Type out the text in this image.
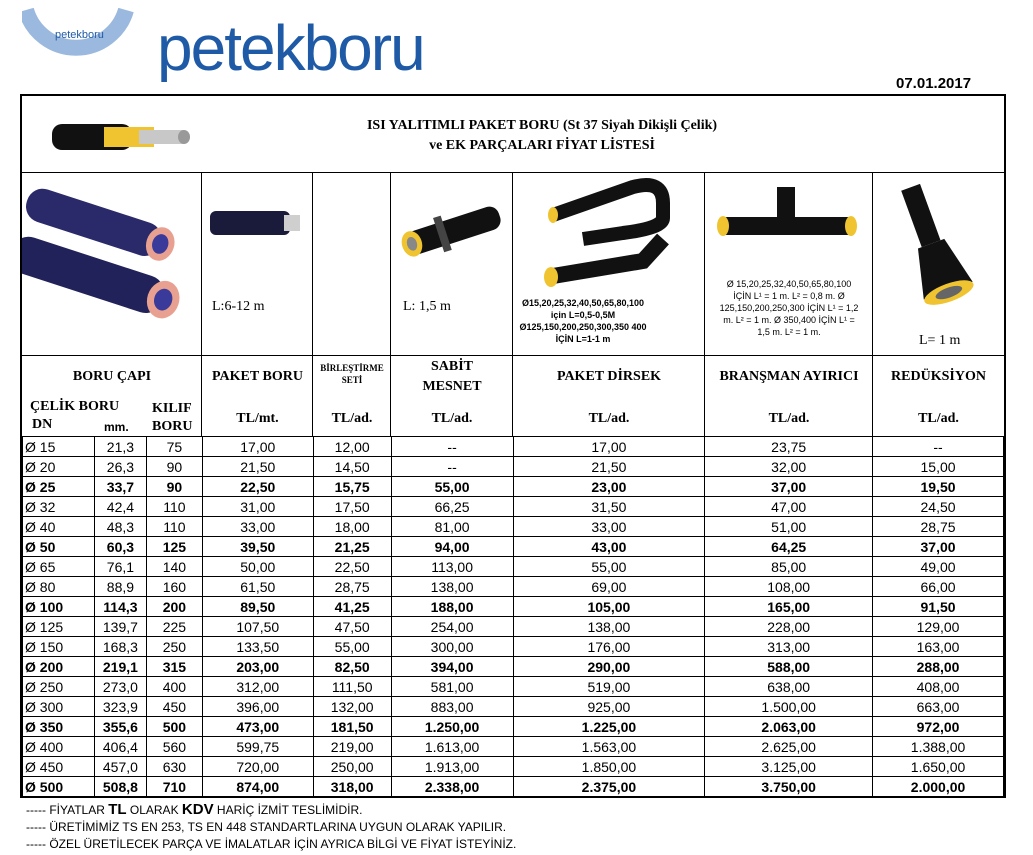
petekboru petekboru	07.01.2017
ISI YALITIMLI PAKET BORU (St 37 Siyah Dikişli Çelik)
ve EK PARÇALARI FİYAT LİSTESİ
L:6-12 m	L: 1,5 m	Ø15,20,25,32,40,50,65,80,100
için L=0,5-0,5M
Ø125,150,200,250,300,350 400
İÇİN L=1-1 m
Ø 15,20,25,32,40,50,65,80,100
İÇİN L¹ = 1 m. L² = 0,8 m. Ø
125,150,200,250,300 İÇİN L¹ = 1,2
m. L² = 1 m. Ø 350,400 İÇİN L¹ =
1,5 m. L² = 1 m.
L= 1 m
BORU ÇAPI
ÇELİK BORU
DN	mm.
KILIF
BORU
PAKET BORU
TL/mt.
BİRLEŞTİRME
SETİ
TL/ad.
SABİT
MESNET
TL/ad.
PAKET DİRSEK
TL/ad.
BRANŞMAN AYIRICI
TL/ad.
REDÜKSİYON
TL/ad.
Ø 15	21,3	75	17,00	12,00	--	17,00	23,75	--
Ø 20	26,3	90	21,50	14,50	--	21,50	32,00	15,00
Ø 25	33,7	90	22,50	15,75	55,00	23,00	37,00	19,50
Ø 32	42,4	110	31,00	17,50	66,25	31,50	47,00	24,50
Ø 40	48,3	110	33,00	18,00	81,00	33,00	51,00	28,75
Ø 50	60,3	125	39,50	21,25	94,00	43,00	64,25	37,00
Ø 65	76,1	140	50,00	22,50	113,00	55,00	85,00	49,00
Ø 80	88,9	160	61,50	28,75	138,00	69,00	108,00	66,00
Ø 100	114,3	200	89,50	41,25	188,00	105,00	165,00	91,50
Ø 125	139,7	225	107,50	47,50	254,00	138,00	228,00	129,00
Ø 150	168,3	250	133,50	55,00	300,00	176,00	313,00	163,00
Ø 200	219,1	315	203,00	82,50	394,00	290,00	588,00	288,00
Ø 250	273,0	400	312,00	111,50	581,00	519,00	638,00	408,00
Ø 300	323,9	450	396,00	132,00	883,00	925,00	1.500,00	663,00
Ø 350	355,6	500	473,00	181,50	1.250,00	1.225,00	2.063,00	972,00
Ø 400	406,4	560	599,75	219,00	1.613,00	1.563,00	2.625,00	1.388,00
Ø 450	457,0	630	720,00	250,00	1.913,00	1.850,00	3.125,00	1.650,00
Ø 500	508,8	710	874,00	318,00	2.338,00	2.375,00	3.750,00	2.000,00
----- FİYATLAR TL OLARAK KDV HARİÇ İZMİT TESLİMİDİR.
----- ÜRETİMİMİZ TS EN 253, TS EN 448 STANDARTLARINA UYGUN OLARAK YAPILIR.
----- ÖZEL ÜRETİLECEK PARÇA VE İMALATLAR İÇİN AYRICA BİLGİ VE FİYAT İSTEYİNİZ.
